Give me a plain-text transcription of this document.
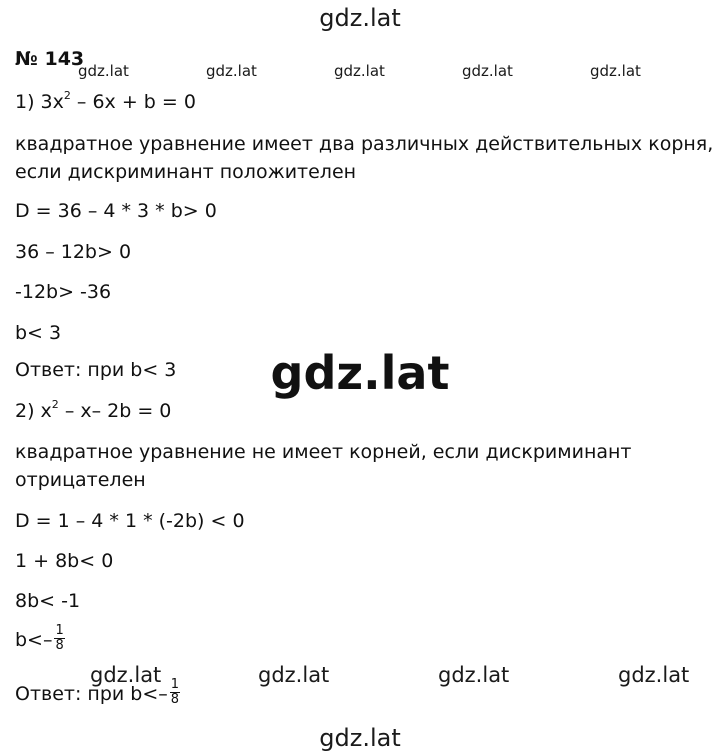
gdz.lat
№ 143
gdz.lat	gdz.lat	gdz.lat	gdz.lat	gdz.lat
1) $3x^2 - 6x + b = 0$
квадратное уравнение имеет два различных действительных корня,
если дискриминант положителен
D = 36 – 4 * 3 * b> 0
36 – 12b> 0
-12b> -36
b< 3
Ответ: при b< 3	gdz.lat
2) $x^2 - x-$ 2b = 0
квадратное уравнение не имеет корней, если дискриминант
отрицателен
D = 1 – 4 * 1 * (-2b) < 0
1 + 8b< 0
8b< -1
$b<- \frac{1}{8}$
gdz.lat	gdz.lat	gdz.lat	gdz.lat
Ответ: при $b<- \frac{1}{8}$
gdz.lat
